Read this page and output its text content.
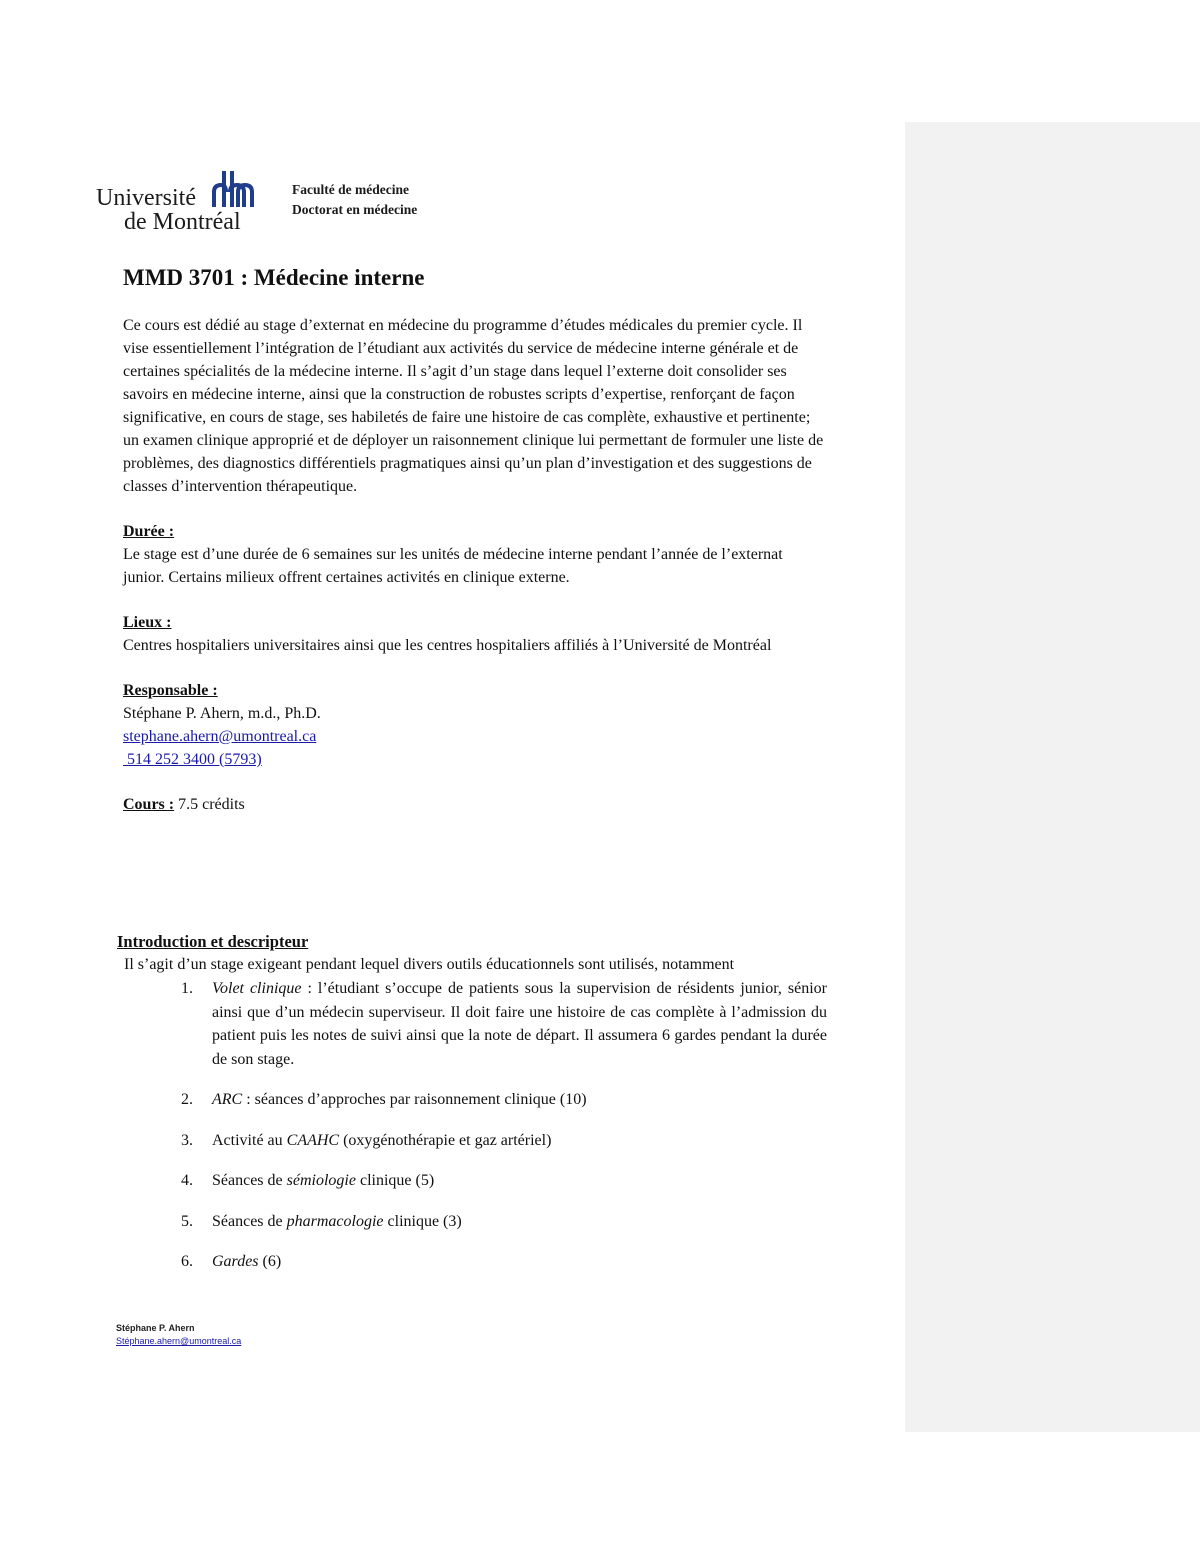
Université
de Montréal
Faculté de médecine
Doctorat en médecine
MMD 3701 : Médecine interne

Ce cours est dédié au stage d’externat en médecine du programme d’études médicales du premier cycle. Il vise essentiellement l’intégration de l’étudiant aux activités du service de médecine interne générale et de certaines spécialités de la médecine interne. Il s’agit d’un stage dans lequel l’externe doit consolider ses savoirs en médecine interne, ainsi que la construction de robustes scripts d’expertise, renforçant de façon significative, en cours de stage, ses habiletés de faire une histoire de cas complète, exhaustive et pertinente; un examen clinique approprié et de déployer un raisonnement clinique lui permettant de formuler une liste de problèmes, des diagnostics différentiels pragmatiques ainsi qu’un plan d’investigation et des suggestions de classes d’intervention thérapeutique.

Durée :

Le stage est d’une durée de 6 semaines sur les unités de médecine interne pendant l’année de l’externat junior. Certains milieux offrent certaines activités en clinique externe.

Lieux :

Centres hospitaliers universitaires ainsi que les centres hospitaliers affiliés à l’Université de Montréal

Responsable :

Stéphane P. Ahern, m.d., Ph.D.

stephane.ahern@umontreal.ca

514 252 3400 (5793)

Cours : 7.5 crédits

Introduction et descripteur

Il s’agit d’un stage exigeant pendant lequel divers outils éducationnels sont utilisés, notamment

1. Volet clinique : l’étudiant s’occupe de patients sous la supervision de résidents junior, sénior ainsi que d’un médecin superviseur. Il doit faire une histoire de cas complète à l’admission du patient puis les notes de suivi ainsi que la note de départ. Il assumera 6 gardes pendant la durée de son stage.
2. ARC : séances d’approches par raisonnement clinique (10)
3. Activité au CAAHC (oxygénothérapie et gaz artériel)
4. Séances de sémiologie clinique (5)
5. Séances de pharmacologie clinique (3)
6. Gardes (6)
Stéphane P. Ahern
Stéphane.ahern@umontreal.ca
